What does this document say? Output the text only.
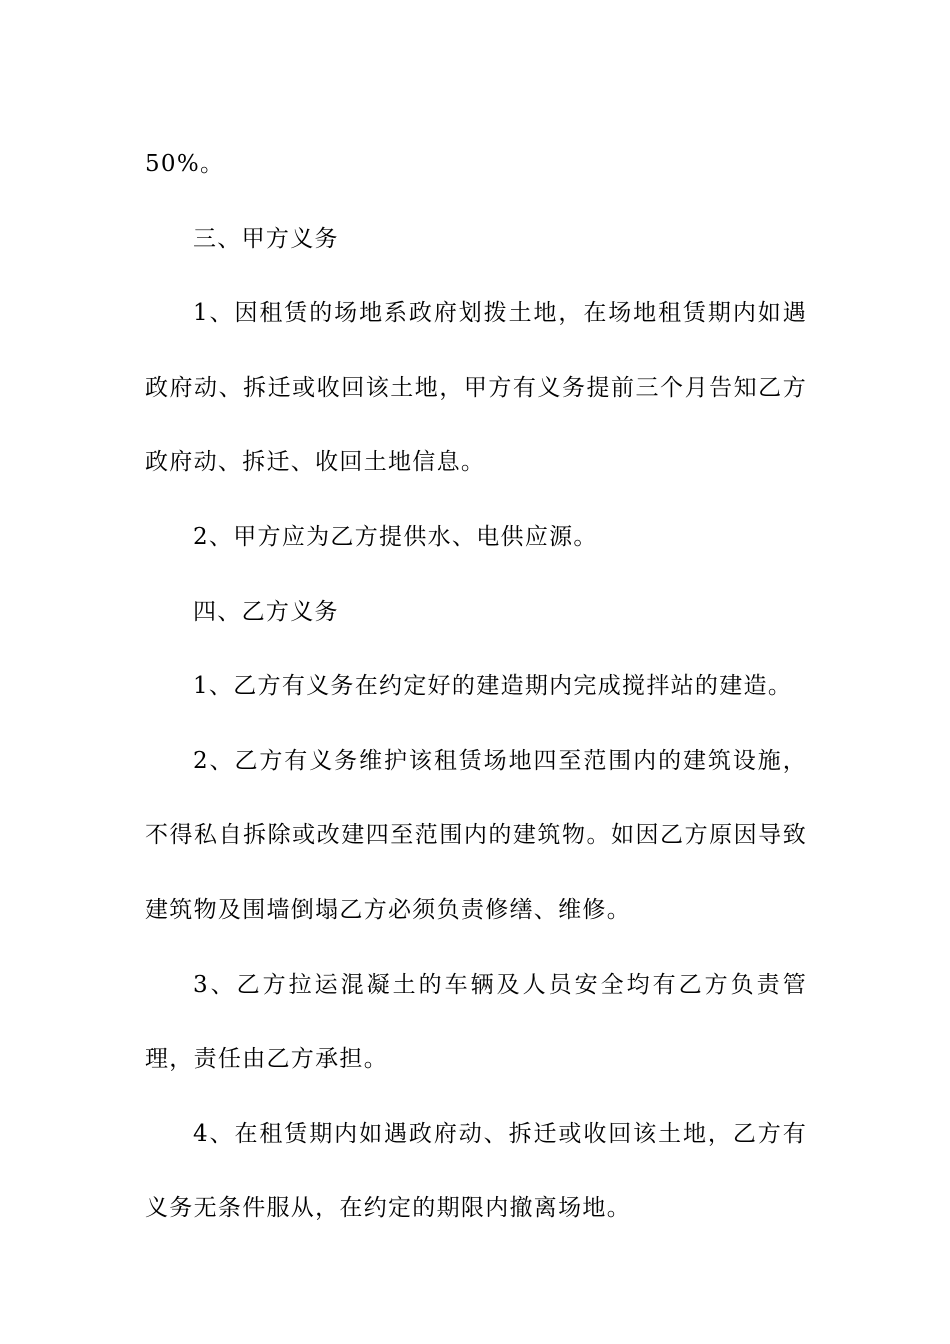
50%。

三、甲方义务

1、因租赁的场地系政府划拨土地，在场地租赁期内如遇政府动、拆迁或收回该土地，甲方有义务提前三个月告知乙方政府动、拆迁、收回土地信息。

2、甲方应为乙方提供水、电供应源。

四、乙方义务

1、乙方有义务在约定好的建造期内完成搅拌站的建造。

2、乙方有义务维护该租赁场地四至范围内的建筑设施，不得私自拆除或改建四至范围内的建筑物。如因乙方原因导致建筑物及围墙倒塌乙方必须负责修缮、维修。

3、乙方拉运混凝土的车辆及人员安全均有乙方负责管理，责任由乙方承担。

4、在租赁期内如遇政府动、拆迁或收回该土地，乙方有义务无条件服从，在约定的期限内撤离场地。
